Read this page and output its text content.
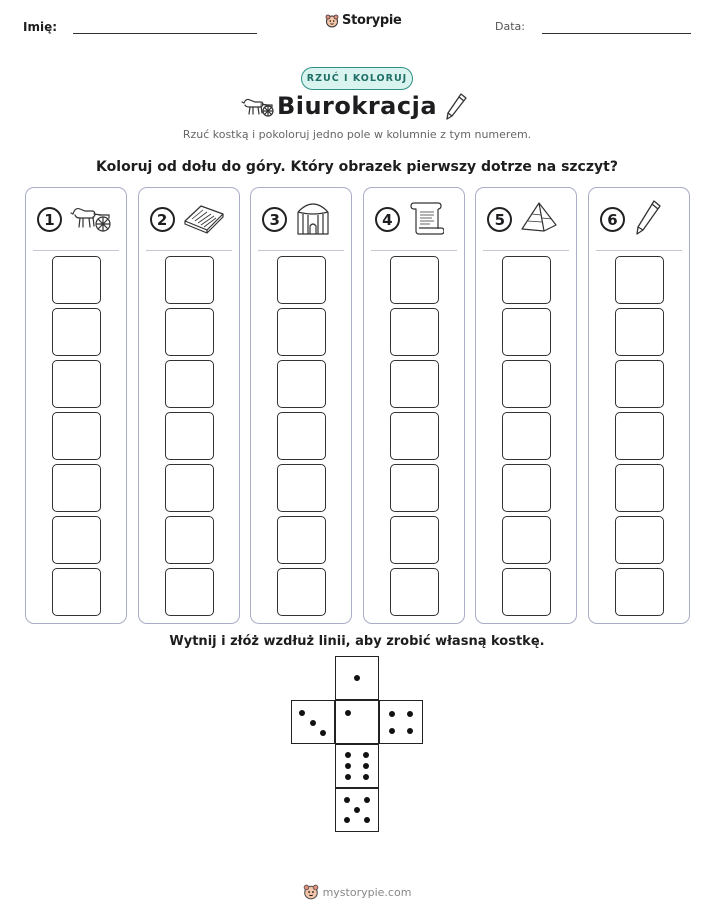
Imię:	Storypie	Data:
RZUĆ I KOLORUJ
Biurokracja
Rzuć kostką i pokoloruj jedno pole w kolumnie z tym numerem.
Koloruj od dołu do góry. Który obrazek pierwszy dotrze na szczyt?
1	2	3	4	5	6
Wytnij i złóż wzdłuż linii, aby zrobić własną kostkę.
mystorypie.com
